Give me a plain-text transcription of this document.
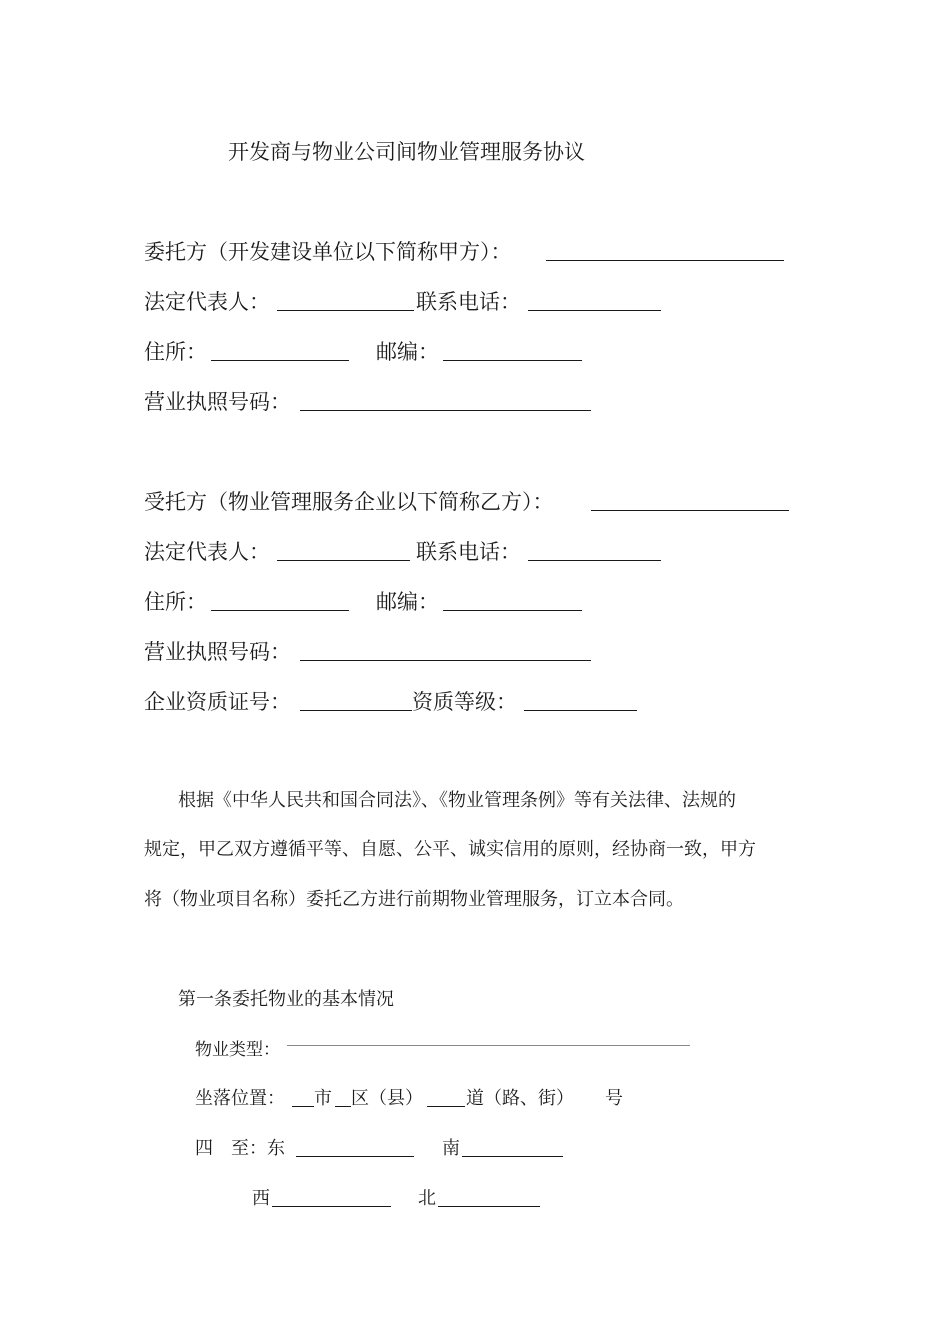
开发商与物业公司间物业管理服务协议
委托方（开发建设单位以下简称甲方）：
法定代表人：	联系电话：
住所：	邮编：
营业执照号码：
受托方（物业管理服务企业以下简称乙方）：
法定代表人：	联系电话：
住所：	邮编：
营业执照号码：
企业资质证号：	资质等级：
根据《中华人民共和国合同法》、《物业管理条例》等有关法律、法规的
规定，甲乙双方遵循平等、自愿、公平、诚实信用的原则，经协商一致，甲方
将（物业项目名称）委托乙方进行前期物业管理服务，订立本合同。
第一条委托物业的基本情况
物业类型：
坐落位置： 市 区（县） 道（路、街） 号
四　至：东	南
西	北
